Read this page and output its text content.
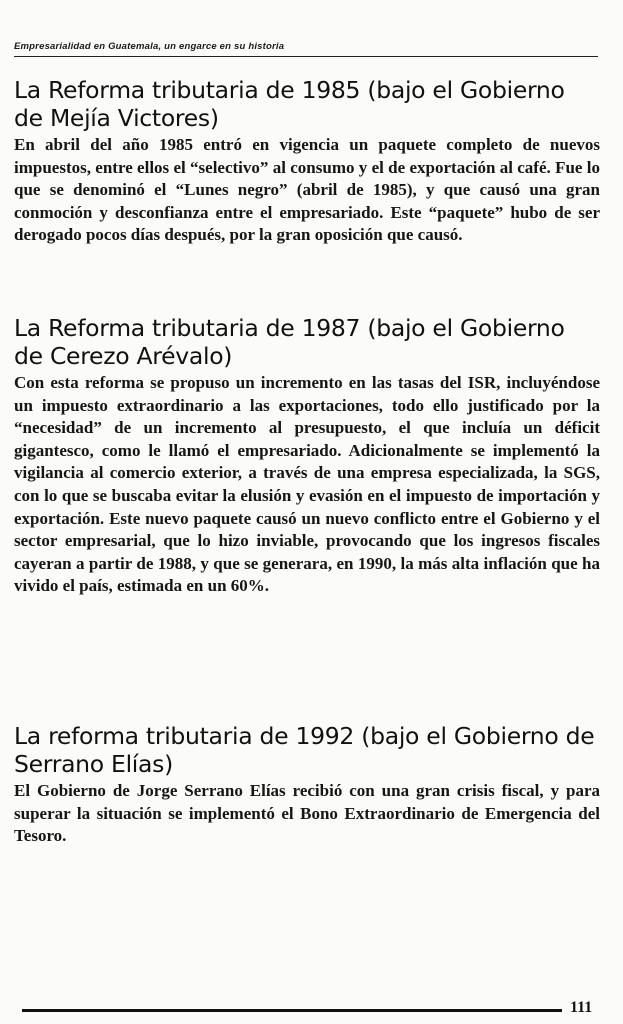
Empresarialidad en Guatemala, un engarce en su historia
La Reforma tributaria de 1985 (bajo el Gobierno de Mejía Victores)

En abril del año 1985 entró en vigencia un paquete completo de nuevos impuestos, entre ellos el “selectivo” al consumo y el de exportación al café. Fue lo que se denominó el “Lunes negro” (abril de 1985), y que causó una gran conmoción y desconfianza entre el empresariado. Este “paquete” hubo de ser derogado pocos días después, por la gran oposición que causó.

La Reforma tributaria de 1987 (bajo el Gobierno de Cerezo Arévalo)

Con esta reforma se propuso un incremento en las tasas del ISR, incluyéndose un impuesto extraordinario a las exportaciones, todo ello justificado por la “necesidad” de un incremento al presupuesto, el que incluía un déficit gigantesco, como le llamó el empresariado. Adicionalmente se implementó la vigilancia al comercio exterior, a través de una empresa especializada, la SGS, con lo que se buscaba evitar la elusión y evasión en el impuesto de importación y exportación. Este nuevo paquete causó un nuevo conflicto entre el Gobierno y el sector empresarial, que lo hizo inviable, provocando que los ingresos fiscales cayeran a partir de 1988, y que se generara, en 1990, la más alta inflación que ha vivido el país, estimada en un 60%.

La reforma tributaria de 1992 (bajo el Gobierno de Serrano Elías)

El Gobierno de Jorge Serrano Elías recibió con una gran crisis fiscal, y para superar la situación se implementó el Bono Extraordinario de Emergencia del Tesoro.

111
